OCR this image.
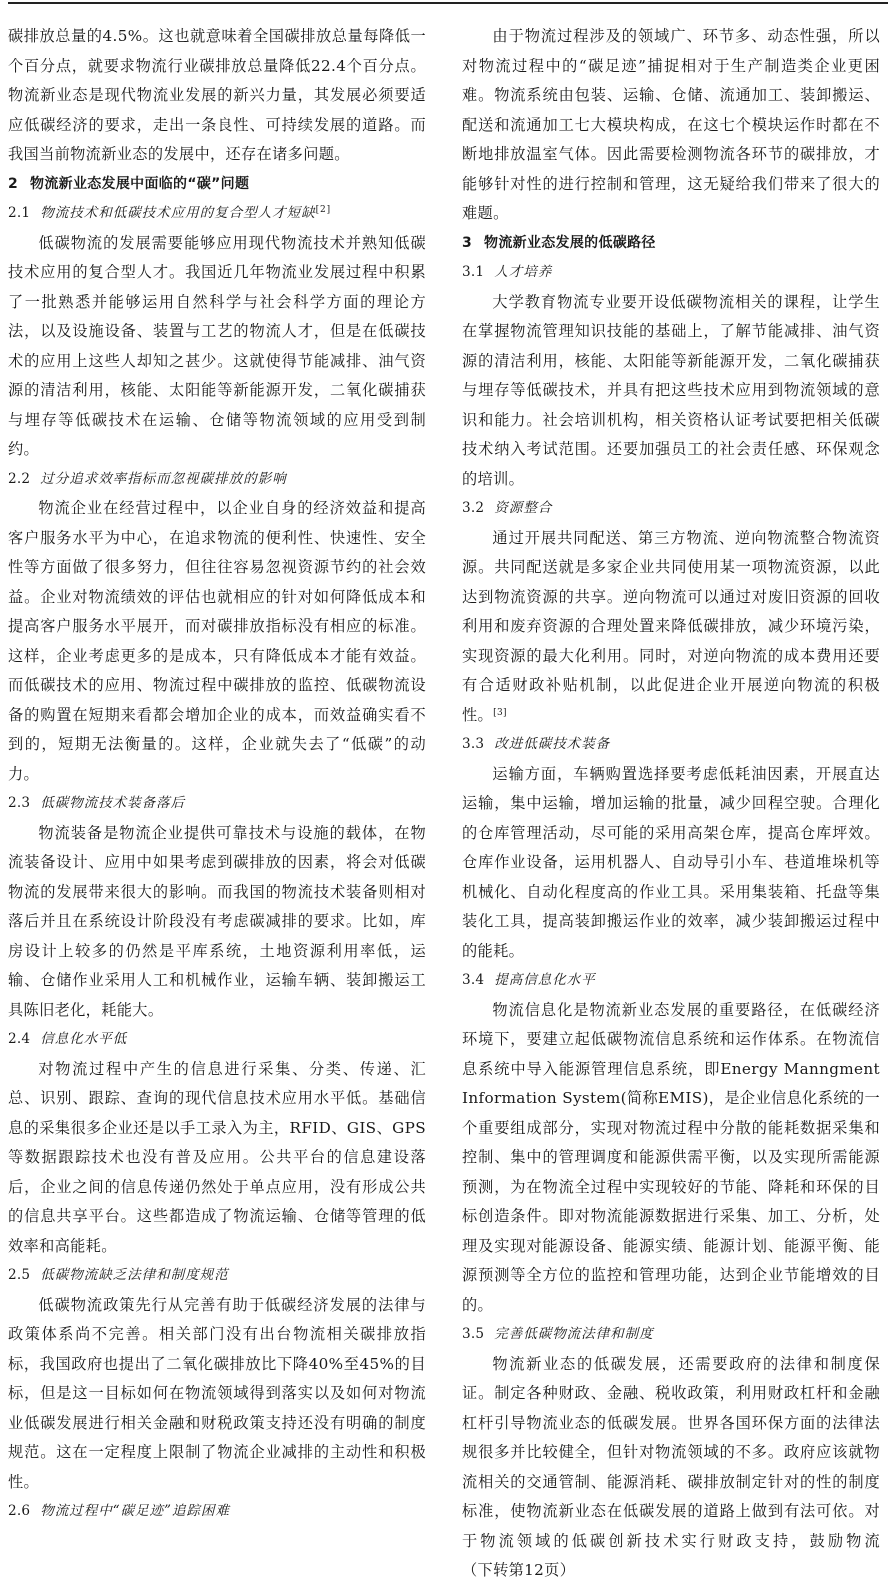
碳排放总量的4.5%。这也就意味着全国碳排放总量每降低一个百分点，就要求物流行业碳排放总量降低22.4个百分点。物流新业态是现代物流业发展的新兴力量，其发展必须要适应低碳经济的要求，走出一条良性、可持续发展的道路。而我国当前物流新业态的发展中，还存在诸多问题。

2 物流新业态发展中面临的“碳”问题
2.1 物流技术和低碳技术应用的复合型人才短缺[2]

低碳物流的发展需要能够应用现代物流技术并熟知低碳技术应用的复合型人才。我国近几年物流业发展过程中积累了一批熟悉并能够运用自然科学与社会科学方面的理论方法，以及设施设备、装置与工艺的物流人才，但是在低碳技术的应用上这些人却知之甚少。这就使得节能减排、油气资源的清洁利用，核能、太阳能等新能源开发，二氧化碳捕获与埋存等低碳技术在运输、仓储等物流领域的应用受到制约。

2.2 过分追求效率指标而忽视碳排放的影响

物流企业在经营过程中，以企业自身的经济效益和提高客户服务水平为中心，在追求物流的便利性、快速性、安全性等方面做了很多努力，但往往容易忽视资源节约的社会效益。企业对物流绩效的评估也就相应的针对如何降低成本和提高客户服务水平展开，而对碳排放指标没有相应的标准。这样，企业考虑更多的是成本，只有降低成本才能有效益。而低碳技术的应用、物流过程中碳排放的监控、低碳物流设备的购置在短期来看都会增加企业的成本，而效益确实看不到的，短期无法衡量的。这样，企业就失去了“低碳”的动力。

2.3 低碳物流技术装备落后

物流装备是物流企业提供可靠技术与设施的载体，在物流装备设计、应用中如果考虑到碳排放的因素，将会对低碳物流的发展带来很大的影响。而我国的物流技术装备则相对落后并且在系统设计阶段没有考虑碳减排的要求。比如，库房设计上较多的仍然是平库系统，土地资源利用率低，运输、仓储作业采用人工和机械作业，运输车辆、装卸搬运工具陈旧老化，耗能大。

2.4 信息化水平低

对物流过程中产生的信息进行采集、分类、传递、汇总、识别、跟踪、查询的现代信息技术应用水平低。基础信息的采集很多企业还是以手工录入为主，RFID、GIS、GPS等数据跟踪技术也没有普及应用。公共平台的信息建设落后，企业之间的信息传递仍然处于单点应用，没有形成公共的信息共享平台。这些都造成了物流运输、仓储等管理的低效率和高能耗。

2.5 低碳物流缺乏法律和制度规范

低碳物流政策先行从完善有助于低碳经济发展的法律与政策体系尚不完善。相关部门没有出台物流相关碳排放指标，我国政府也提出了二氧化碳排放比下降40%至45%的目标，但是这一目标如何在物流领域得到落实以及如何对物流业低碳发展进行相关金融和财税政策支持还没有明确的制度规范。这在一定程度上限制了物流企业减排的主动性和积极性。

2.6 物流过程中“碳足迹”追踪困难

由于物流过程涉及的领域广、环节多、动态性强，所以对物流过程中的“碳足迹”捕捉相对于生产制造类企业更困难。物流系统由包装、运输、仓储、流通加工、装卸搬运、配送和流通加工七大模块构成，在这七个模块运作时都在不断地排放温室气体。因此需要检测物流各环节的碳排放，才能够针对性的进行控制和管理，这无疑给我们带来了很大的难题。

3 物流新业态发展的低碳路径
3.1 人才培养

大学教育物流专业要开设低碳物流相关的课程，让学生在掌握物流管理知识技能的基础上，了解节能减排、油气资源的清洁利用，核能、太阳能等新能源开发，二氧化碳捕获与埋存等低碳技术，并具有把这些技术应用到物流领域的意识和能力。社会培训机构，相关资格认证考试要把相关低碳技术纳入考试范围。还要加强员工的社会责任感、环保观念的培训。

3.2 资源整合

通过开展共同配送、第三方物流、逆向物流整合物流资源。共同配送就是多家企业共同使用某一项物流资源，以此达到物流资源的共享。逆向物流可以通过对废旧资源的回收利用和废弃资源的合理处置来降低碳排放，减少环境污染，实现资源的最大化利用。同时，对逆向物流的成本费用还要有合适财政补贴机制，以此促进企业开展逆向物流的积极性。[3]

3.3 改进低碳技术装备

运输方面，车辆购置选择要考虑低耗油因素，开展直达运输，集中运输，增加运输的批量，减少回程空驶。合理化的仓库管理活动，尽可能的采用高架仓库，提高仓库坪效。仓库作业设备，运用机器人、自动导引小车、巷道堆垛机等机械化、自动化程度高的作业工具。采用集装箱、托盘等集装化工具，提高装卸搬运作业的效率，减少装卸搬运过程中的能耗。

3.4 提高信息化水平

物流信息化是物流新业态发展的重要路径，在低碳经济环境下，要建立起低碳物流信息系统和运作体系。在物流信息系统中导入能源管理信息系统，即Energy Manngment Information System(简称EMIS)，是企业信息化系统的一个重要组成部分，实现对物流过程中分散的能耗数据采集和控制、集中的管理调度和能源供需平衡，以及实现所需能源预测，为在物流全过程中实现较好的节能、降耗和环保的目标创造条件。即对物流能源数据进行采集、加工、分析，处理及实现对能源设备、能源实绩、能源计划、能源平衡、能源预测等全方位的监控和管理功能，达到企业节能增效的目的。

3.5 完善低碳物流法律和制度

物流新业态的低碳发展，还需要政府的法律和制度保证。制定各种财政、金融、税收政策，利用财政杠杆和金融杠杆引导物流业态的低碳发展。世界各国环保方面的法律法规很多并比较健全，但针对物流领域的不多。政府应该就物流相关的交通管制、能源消耗、碳排放制定针对的性的制度标准，使物流新业态在低碳发展的道路上做到有法可依。对于物流领域的低碳创新技术实行财政支持，鼓励物流 （下转第12页）
